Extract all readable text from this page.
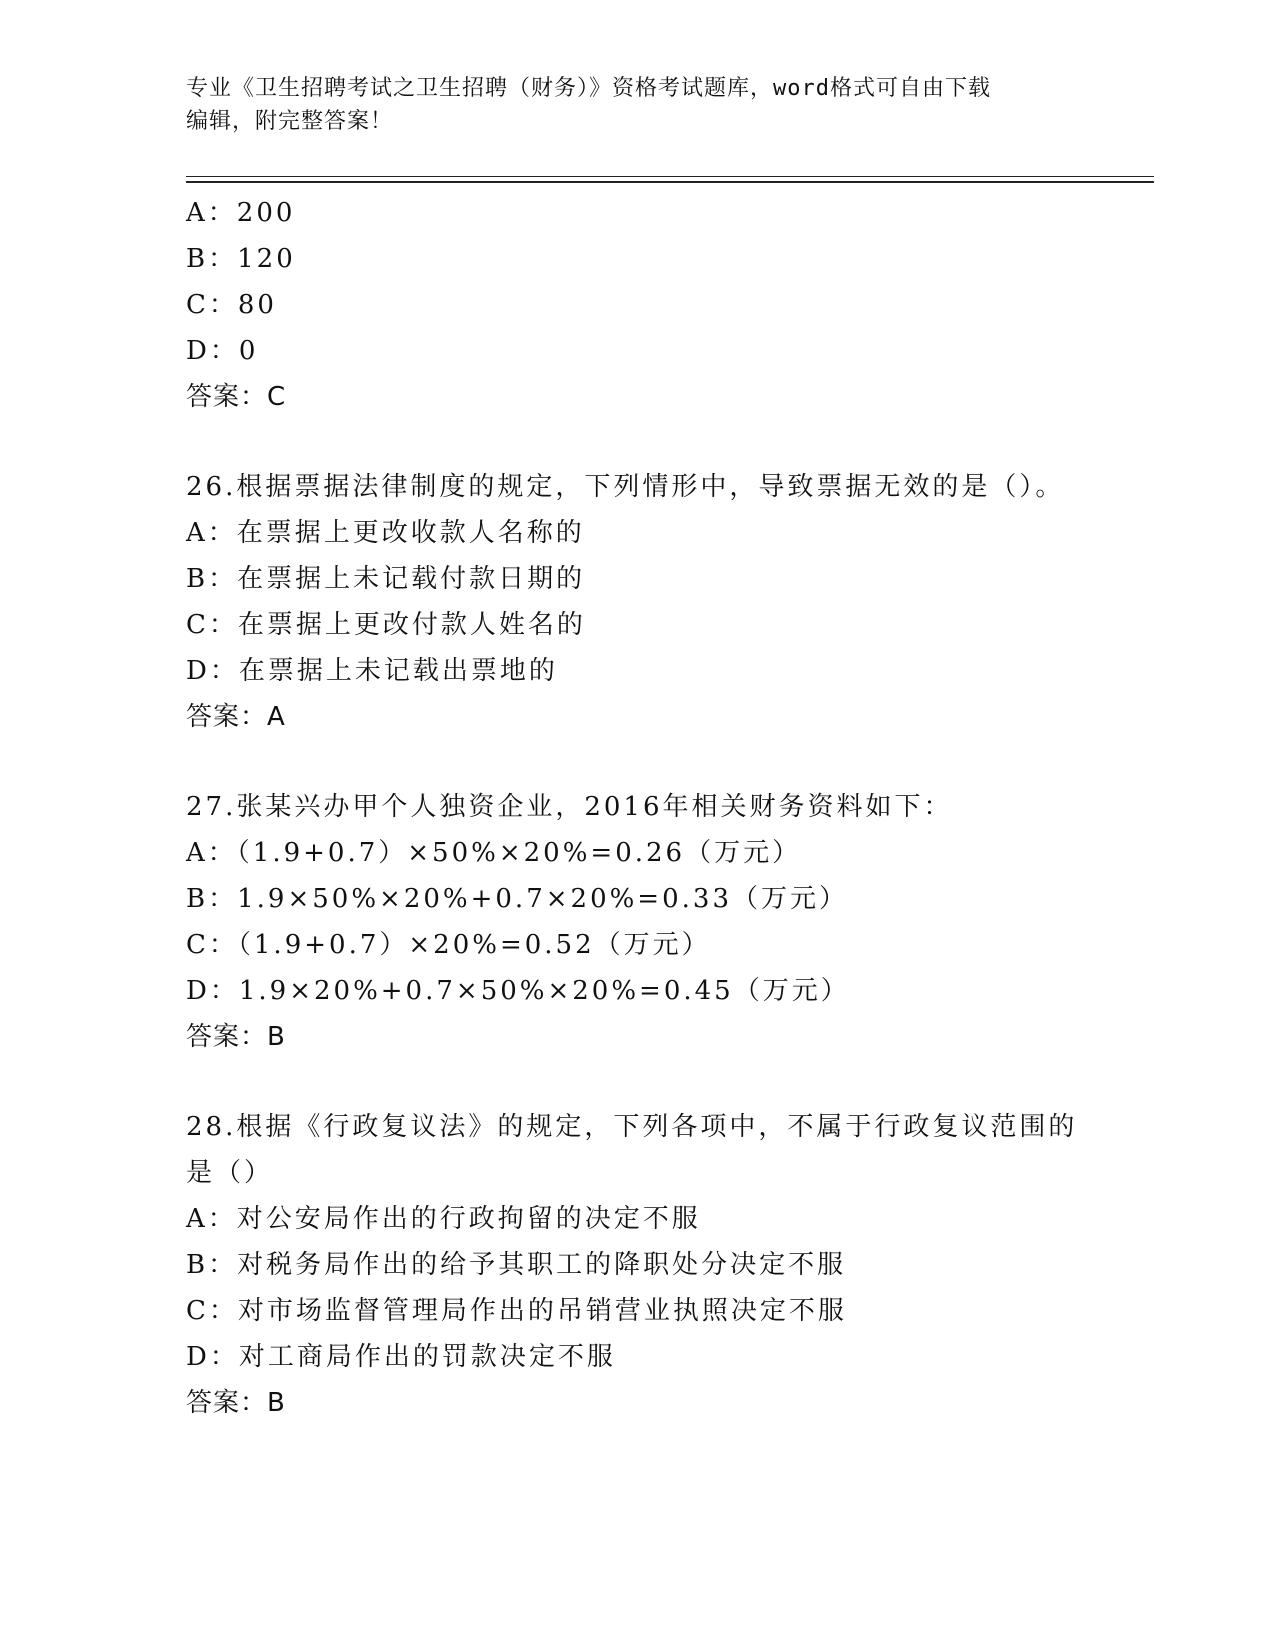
专业《卫生招聘考试之卫生招聘（财务）》资格考试题库，word格式可自由下载
编辑，附完整答案！
A：200
B：120
C：80
D：0
答案：C
26.根据票据法律制度的规定，下列情形中，导致票据无效的是（）。
A：在票据上更改收款人名称的
B：在票据上未记载付款日期的
C：在票据上更改付款人姓名的
D：在票据上未记载出票地的
答案：A
27.张某兴办甲个人独资企业，2016年相关财务资料如下：
A：（1.9+0.7）×50%×20%=0.26（万元）
B：1.9×50%×20%+0.7×20%=0.33（万元）
C：（1.9+0.7）×20%=0.52（万元）
D：1.9×20%+0.7×50%×20%=0.45（万元）
答案：B
28.根据《行政复议法》的规定，下列各项中，不属于行政复议范围的
是（）
A：对公安局作出的行政拘留的决定不服
B：对税务局作出的给予其职工的降职处分决定不服
C：对市场监督管理局作出的吊销营业执照决定不服
D：对工商局作出的罚款决定不服
答案：B
